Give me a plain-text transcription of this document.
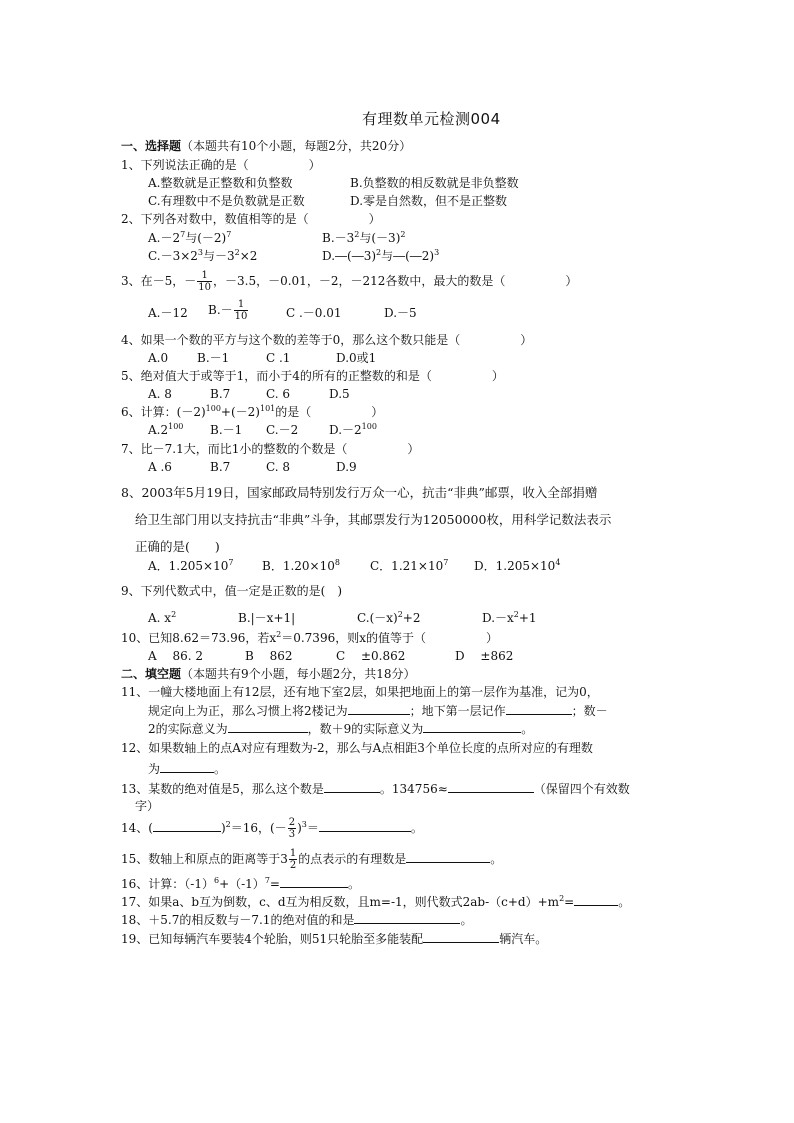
有理数单元检测004
一、选择题（本题共有10个小题，每题2分，共20分）
1、下列说法正确的是（　　　　　）
A.整数就是正整数和负整数	B.负整数的相反数就是非负整数
C.有理数中不是负数就是正数	D.零是自然数，但不是正整数
2、下列各对数中，数值相等的是（　　　　　）
$A.-2^7$与$(-2)^7$	$B.-3^2$与$(-3)^2$
$C.-3\times 2^3$与$-3^2\times 2$	D.―(―3)$^2$与―(―2)$^3$
3、在－5，－ $\frac{1}{10}$ ，－3.5，－0.01，－2，－212各数中，最大的数是（　　　　　）
A.－12 $B.- \frac{1}{10}$	C .－0.01	D.－5
4、如果一个数的平方与这个数的差等于0，那么这个数只能是（　　　　　）
A.0 B.－1	C .1	D.0或1
5、绝对值大于或等于1，而小于4的所有的正整数的和是（　　　　　）
A. 8	B.7	C. 6	D.5
6、计算：$(-2)^{100}+(-2)^{101}$的是（　　　　　）
$A.2^{100}$ B.－1 C.－2	$D.-2^{100}$
7、比－7.1大，而比1小的整数的个数是（　　　　　）
A .6	B.7	C. 8	D.9
8、2003年5月19日，国家邮政局特别发行万众一心，抗击“非典”邮票，收入全部捐赠
给卫生部门用以支持抗击“非典”斗争，其邮票发行为12050000枚，用科学记数法表示
正确的是(　　)
A．$1.205\times 10^7$ B．$1.20\times 10^8$	C．$1.21\times 10^7$ D．$1.205\times 10^4$
9、下列代数式中，值一定是正数的是(　)
A. $x^2$	B.|－x+1|	$C.(-x)^2+2$	$D.-x^2+1$
10、已知8.62＝73.96，若$x^2=0.7396$，则x的值等于（　　　　　）
A　 86. 2	B　 862	C　 ±0.862	D　 ±862
二、填空题（本题共有9个小题，每小题2分，共18分）
11、一幢大楼地面上有12层，还有地下室2层，如果把地面上的第一层作为基准，记为0，
规定向上为正，那么习惯上将2楼记为	；地下第一层记作	；数－
2的实际意义为	，数＋9的实际意义为	。
12、如果数轴上的点A对应有理数为-2，那么与A点相距3个单位长度的点所对应的有理数
为	。
13、某数的绝对值是5，那么这个数是	。134756≈	（保留四个有效数
字）
14、(	)$^2$＝16，(－ $\frac{2}{3} )^3=$	。
15、数轴上和原点的距离等于$3 \frac{1}{2}$ 的点表示的有理数是	。
16、计算：$(-1)^6+(-1)^7=$	。
17、如果a、b互为倒数，c、d互为相反数，且m=-1，则代数式$2ab-(c+d)+m^2=$	。
18、＋5.7的相反数与－7.1的绝对值的和是	。
19、已知每辆汽车要装4个轮胎，则51只轮胎至多能装配	辆汽车。
